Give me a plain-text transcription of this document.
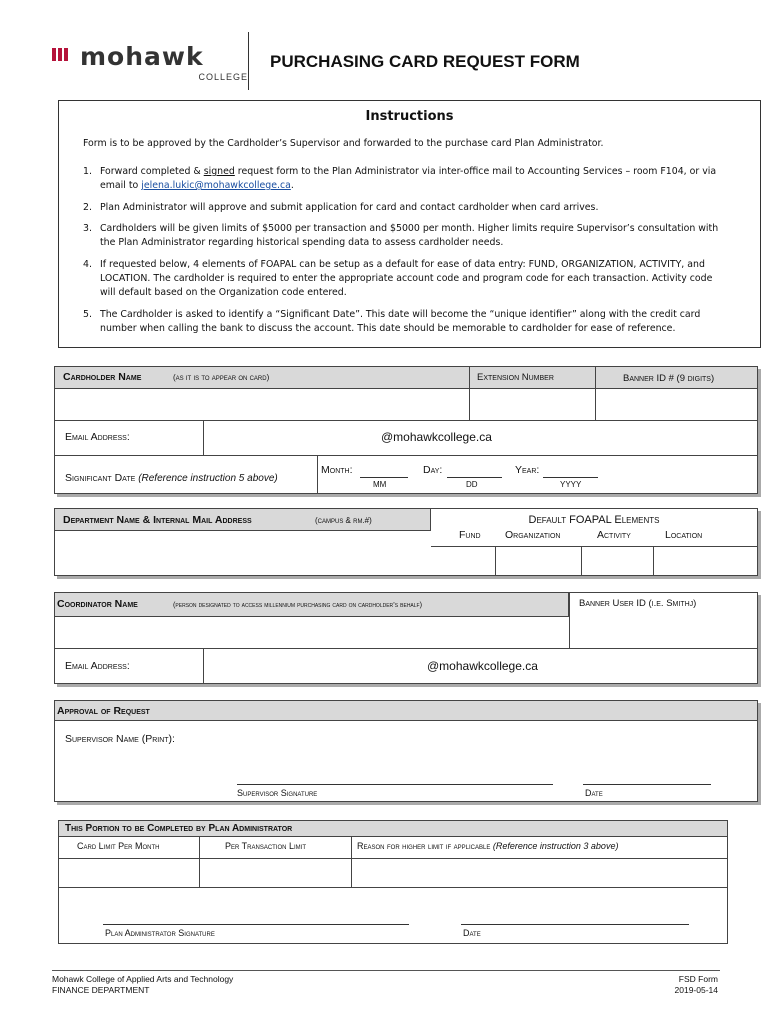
mohawk
COLLEGE
PURCHASING CARD REQUEST FORM
Instructions
Form is to be approved by the Cardholder’s Supervisor and forwarded to the purchase card Plan Administrator.
1. Forward completed & signed request form to the Plan Administrator via inter-office mail to Accounting Services – room F104, or via email to jelena.lukic@mohawkcollege.ca.
2. Plan Administrator will approve and submit application for card and contact cardholder when card arrives.
3. Cardholders will be given limits of $5000 per transaction and $5000 per month. Higher limits require Supervisor’s consultation with the Plan Administrator regarding historical spending data to assess cardholder needs.
4. If requested below, 4 elements of FOAPAL can be setup as a default for ease of data entry: FUND, ORGANIZATION, ACTIVITY, and LOCATION. The cardholder is required to enter the appropriate account code and program code for each transaction. Activity code will default based on the Organization code entered.
5. The Cardholder is asked to identify a “Significant Date”. This date will become the “unique identifier” along with the credit card number when calling the bank to discuss the account. This date should be memorable to cardholder for ease of reference.
Cardholder Name	(as it is to appear on card)	Extension Number	Banner ID # (9 digits)
Email Address:	@mohawkcollege.ca
Significant Date (Reference instruction 5 above)
Month:
MM
Day:
DD
Year:
YYYY
Department Name & Internal Mail Address	(campus & rm.#)	Default FOAPAL Elements
Fund Organization	Activity	Location
Coordinator Name	(person designated to access millennium purchasing card on cardholder’s behalf)	Banner User ID (i.e. Smithj)
Email Address:	@mohawkcollege.ca
Approval of Request
Supervisor Name (Print):
Supervisor Signature	Date
This Portion to be Completed by Plan Administrator
Card Limit Per Month	Per Transaction Limit	Reason for higher limit if applicable (Reference instruction 3 above)
Plan Administrator Signature	Date
Mohawk College of Applied Arts and Technology
FINANCE DEPARTMENT
FSD Form
2019-05-14
